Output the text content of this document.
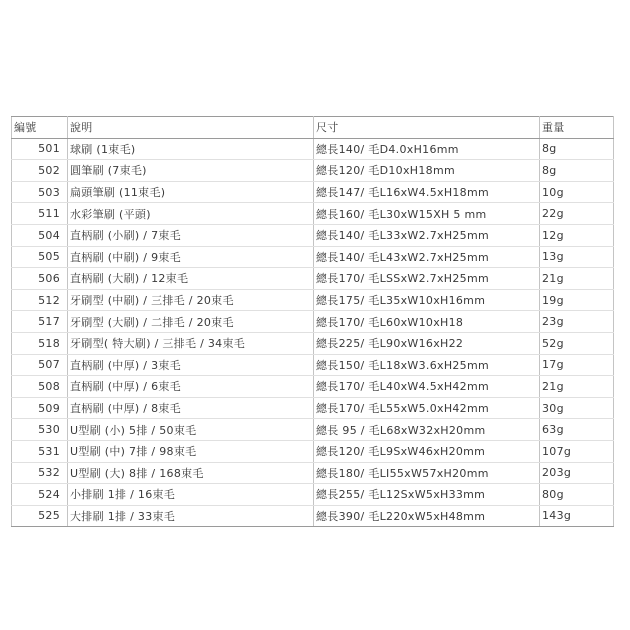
編號	說明	尺寸	重量
501	球刷 (1束毛)	總長140/ 毛D4.0xH16mm	8g
502	圓筆刷 (7束毛)	總長120/ 毛D10xH18mm	8g
503	扁頭筆刷 (11束毛)	總長147/ 毛L16xW4.5xH18mm	10g
511	水彩筆刷 (平頭)	總長160/ 毛L30xW15XH 5 mm	22g
504	直柄刷 (小刷) / 7束毛	總長140/ 毛L33xW2.7xH25mm	12g
505	直柄刷 (中刷) / 9束毛	總長140/ 毛L43xW2.7xH25mm	13g
506	直柄刷 (大刷) / 12束毛	總長170/ 毛LSSxW2.7xH25mm	21g
512	牙刷型 (中刷) / 三排毛 / 20束毛	總長175/ 毛L35xW10xH16mm	19g
517	牙刷型 (大刷) / 二排毛 / 20束毛	總長170/ 毛L60xW10xH18	23g
518	牙刷型( 特大刷) / 三排毛 / 34束毛	總長225/ 毛L90xW16xH22	52g
507	直柄刷 (中厚) / 3束毛	總長150/ 毛L18xW3.6xH25mm	17g
508	直柄刷 (中厚) / 6束毛	總長170/ 毛L40xW4.5xH42mm	21g
509	直柄刷 (中厚) / 8束毛	總長170/ 毛L55xW5.0xH42mm	30g
530	U型刷 (小) 5排 / 50束毛	總長 95 / 毛L68xW32xH20mm	63g
531	U型刷 (中) 7排 / 98束毛	總長120/ 毛L9SxW46xH20mm	107g
532	U型刷 (大) 8排 / 168束毛	總長180/ 毛LI55xW57xH20mm	203g
524	小排刷 1排 / 16束毛	總長255/ 毛L12SxW5xH33mm	80g
525	大排刷 1排 / 33束毛	總長390/ 毛L220xW5xH48mm	143g
